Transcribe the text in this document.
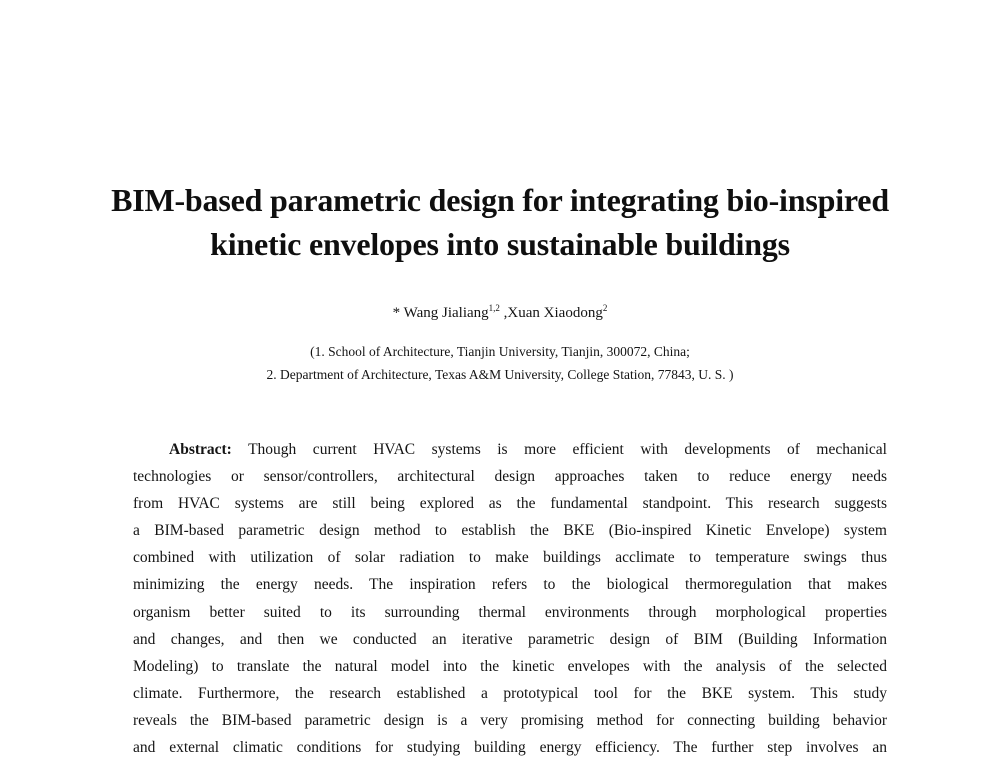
BIM-based parametric design for integrating bio-inspired
kinetic envelopes into sustainable buildings
* Wang Jialiang$^{1,2}$ ,Xuan Xiaodong$^2$
(1. School of Architecture, Tianjin University, Tianjin, 300072, China;
2. Department of Architecture, Texas A&M University, College Station, 77843, U. S. )
Abstract: Though current HVAC systems is more efficient with developments of mechanical
technologies or sensor/controllers, architectural design approaches taken to reduce energy needs
from HVAC systems are still being explored as the fundamental standpoint. This research suggests
a BIM-based parametric design method to establish the BKE (Bio-inspired Kinetic Envelope) system
combined with utilization of solar radiation to make buildings acclimate to temperature swings thus
minimizing the energy needs. The inspiration refers to the biological thermoregulation that makes
organism better suited to its surrounding thermal environments through morphological properties
and changes, and then we conducted an iterative parametric design of BIM (Building Information
Modeling) to translate the natural model into the kinetic envelopes with the analysis of the selected
climate. Furthermore, the research established a prototypical tool for the BKE system. This study
reveals the BIM-based parametric design is a very promising method for connecting building behavior
and external climatic conditions for studying building energy efficiency. The further step involves an
